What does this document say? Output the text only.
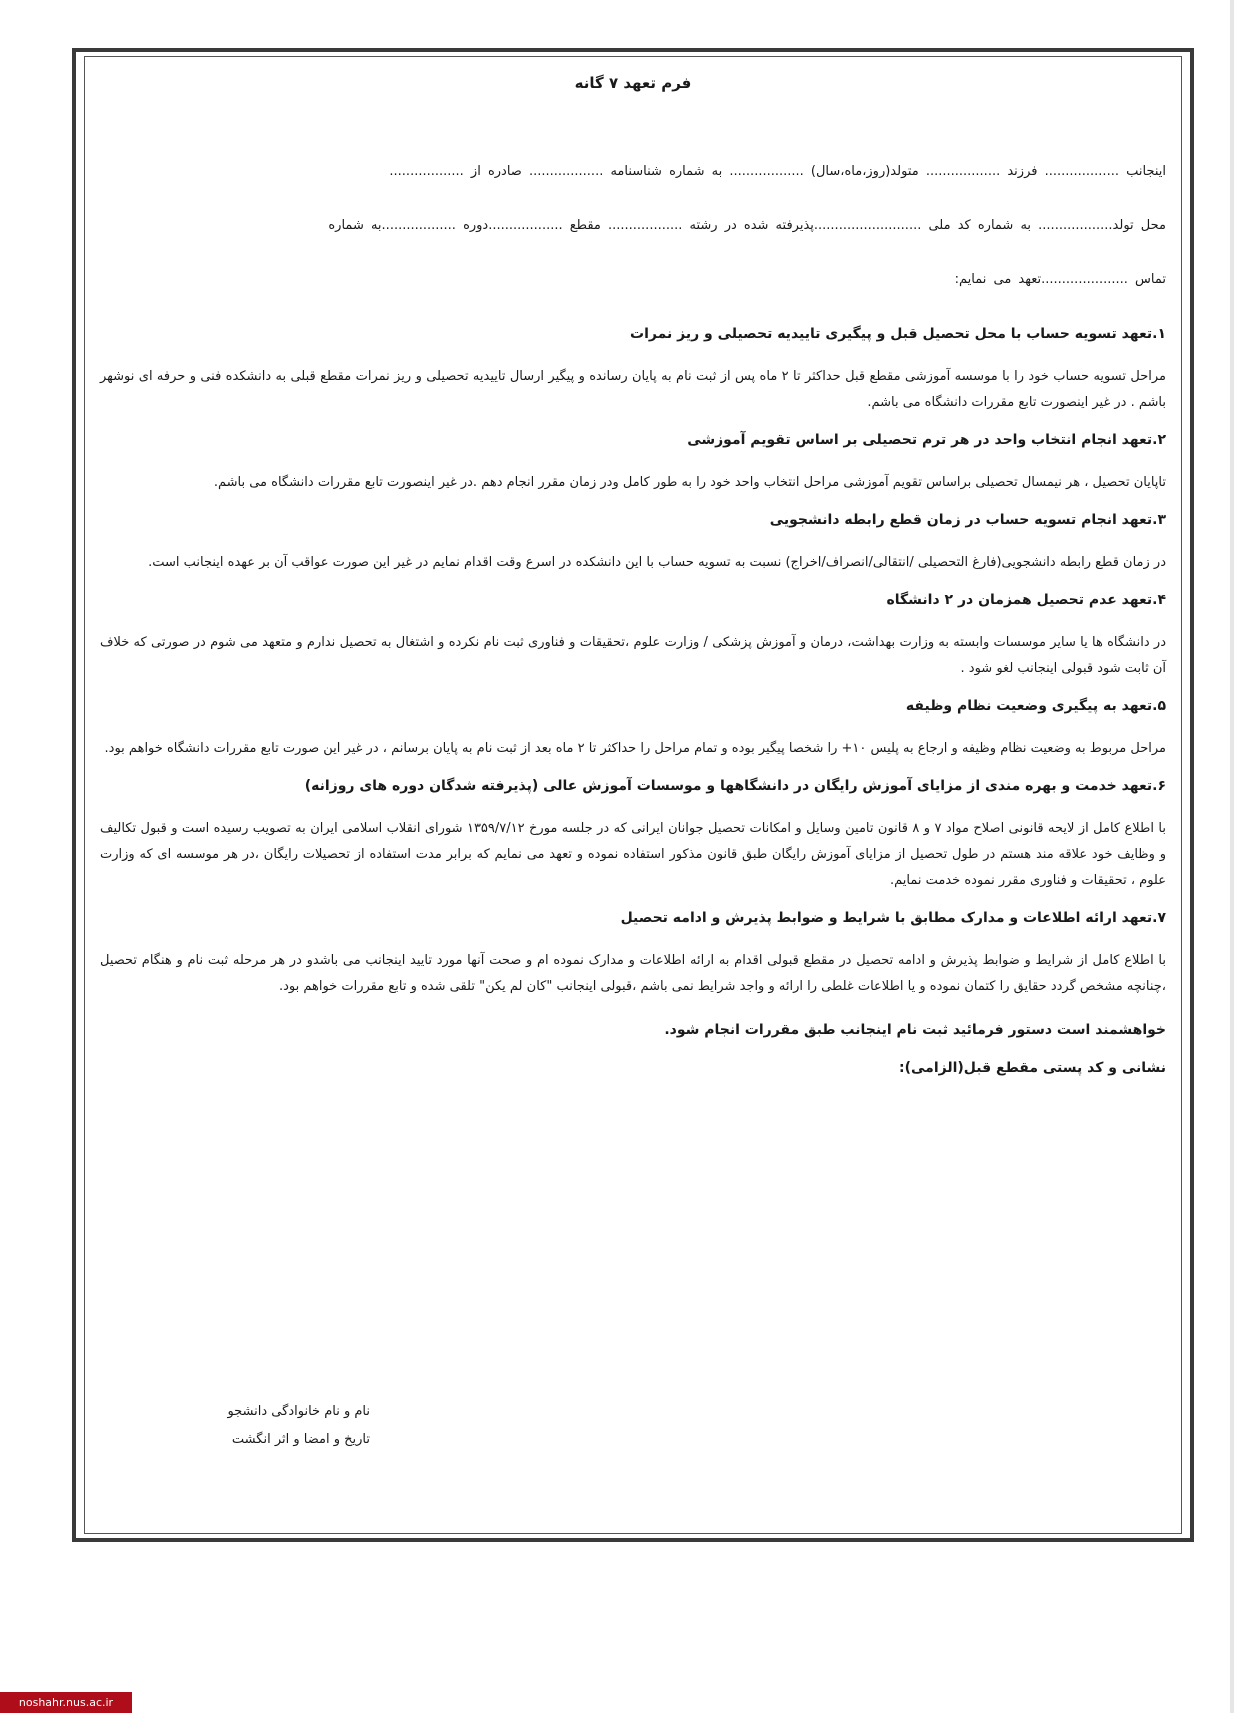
فرم تعهد ۷ گانه
اینجانب .................. فرزند .................. متولد(روز،ماه،سال) .................. به شماره شناسنامه .................. صادره از ..................
محل تولد.................. به شماره کد ملی ..........................پذیرفته شده در رشته .................. مقطع ..................دوره ..................به شماره
تماس .....................تعهد می نمایم:
۱.تعهد تسویه حساب با محل تحصیل قبل و پیگیری تاییدیه تحصیلی و ریز نمرات
مراحل تسویه حساب خود را با موسسه آموزشی مقطع قبل حداکثر تا ۲ ماه پس از ثبت نام به پایان رسانده و پیگیر ارسال تاییدیه تحصیلی و ریز نمرات مقطع قبلی به دانشکده فنی و حرفه ای نوشهر باشم . در غیر اینصورت تابع مقررات دانشگاه می باشم.
۲.تعهد انجام انتخاب واحد در هر ترم تحصیلی بر اساس تقویم آموزشی
تاپایان تحصیل ، هر نیمسال تحصیلی براساس تقویم آموزشی مراحل انتخاب واحد خود را به طور کامل ودر زمان مقرر انجام دهم .در غیر اینصورت تابع مقررات دانشگاه می باشم.
۳.تعهد انجام تسویه حساب در زمان قطع رابطه دانشجویی
در زمان قطع رابطه دانشجویی(فارغ التحصیلی /انتقالی/انصراف/اخراج) نسبت به تسویه حساب با این دانشکده در اسرع وقت اقدام نمایم در غیر این صورت عواقب آن بر عهده اینجانب است.
۴.تعهد عدم تحصیل همزمان در ۲ دانشگاه
در دانشگاه ها یا سایر موسسات وابسته به وزارت بهداشت، درمان و آموزش پزشکی / وزارت علوم ،تحقیقات و فناوری ثبت نام نکرده و اشتغال به تحصیل ندارم و متعهد می شوم در صورتی که خلاف آن ثابت شود قبولی اینجانب لغو شود .
۵.تعهد به پیگیری وضعیت نظام وظیفه
مراحل مربوط به وضعیت نظام وظیفه و ارجاع به پلیس ۱۰+ را شخصا پیگیر بوده و تمام مراحل را حداکثر تا ۲ ماه بعد از ثبت نام به پایان برسانم ، در غیر این صورت تابع مقررات دانشگاه خواهم بود.
۶.تعهد خدمت و بهره مندی از مزایای آموزش رایگان در دانشگاهها و موسسات آموزش عالی (پذیرفته شدگان دوره های روزانه)
با اطلاع کامل از لایحه قانونی اصلاح مواد ۷ و ۸ قانون تامین وسایل و امکانات تحصیل جوانان ایرانی که در جلسه مورخ ۱۳۵۹/۷/۱۲ شورای انقلاب اسلامی ایران به تصویب رسیده است و قبول تکالیف و وظایف خود علاقه مند هستم در طول تحصیل از مزایای آموزش رایگان طبق قانون مذکور استفاده نموده و تعهد می نمایم که برابر مدت استفاده از تحصیلات رایگان ،در هر موسسه ای که وزارت علوم ، تحقیقات و فناوری مقرر نموده خدمت نمایم.
۷.تعهد ارائه اطلاعات و مدارک مطابق با شرایط و ضوابط پذیرش و ادامه تحصیل
با اطلاع کامل از شرایط و ضوابط پذیرش و ادامه تحصیل در مقطع قبولی اقدام به ارائه اطلاعات و مدارک نموده ام و صحت آنها مورد تایید اینجانب می باشدو در هر مرحله ثبت نام و هنگام تحصیل ،چنانچه مشخص گردد حقایق را کتمان نموده و یا اطلاعات غلطی را ارائه و واجد شرایط نمی باشم ،قبولی اینجانب "کان لم یکن" تلقی شده و تابع مقررات خواهم بود.
خواهشمند است دستور فرمائید ثبت نام اینجانب طبق مقررات انجام شود.
نشانی و کد پستی مقطع قبل(الزامی):
نام و نام خانوادگی دانشجو
تاریخ و امضا و اثر انگشت
noshahr.nus.ac.ir
